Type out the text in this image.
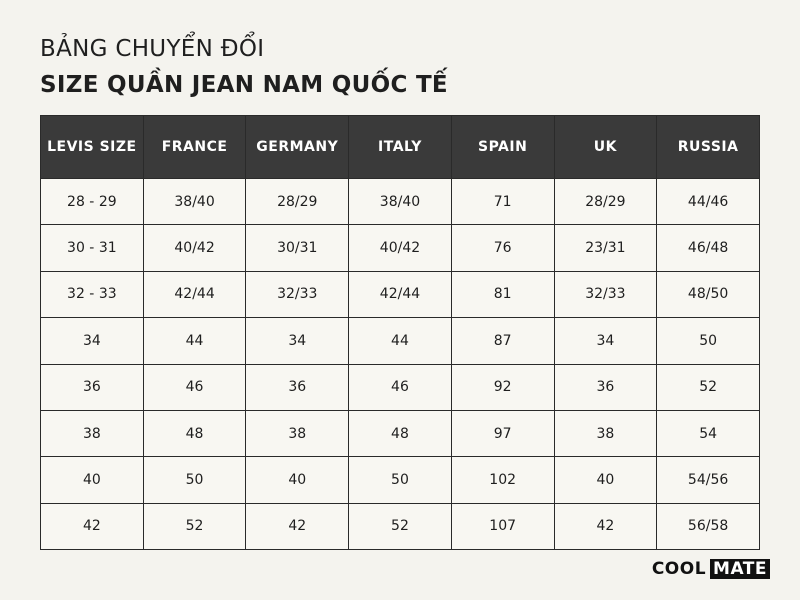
BẢNG CHUYỂN ĐỔI
SIZE QUẦN JEAN NAM QUỐC TẾ
LEVIS SIZE	FRANCE	GERMANY	ITALY	SPAIN	UK	RUSSIA
28 - 29	38/40	28/29	38/40	71	28/29	44/46
30 - 31	40/42	30/31	40/42	76	23/31	46/48
32 - 33	42/44	32/33	42/44	81	32/33	48/50
34	44	34	44	87	34	50
36	46	36	46	92	36	52
38	48	38	48	97	38	54
40	50	40	50	102	40	54/56
42	52	42	52	107	42	56/58
COOL MATE
